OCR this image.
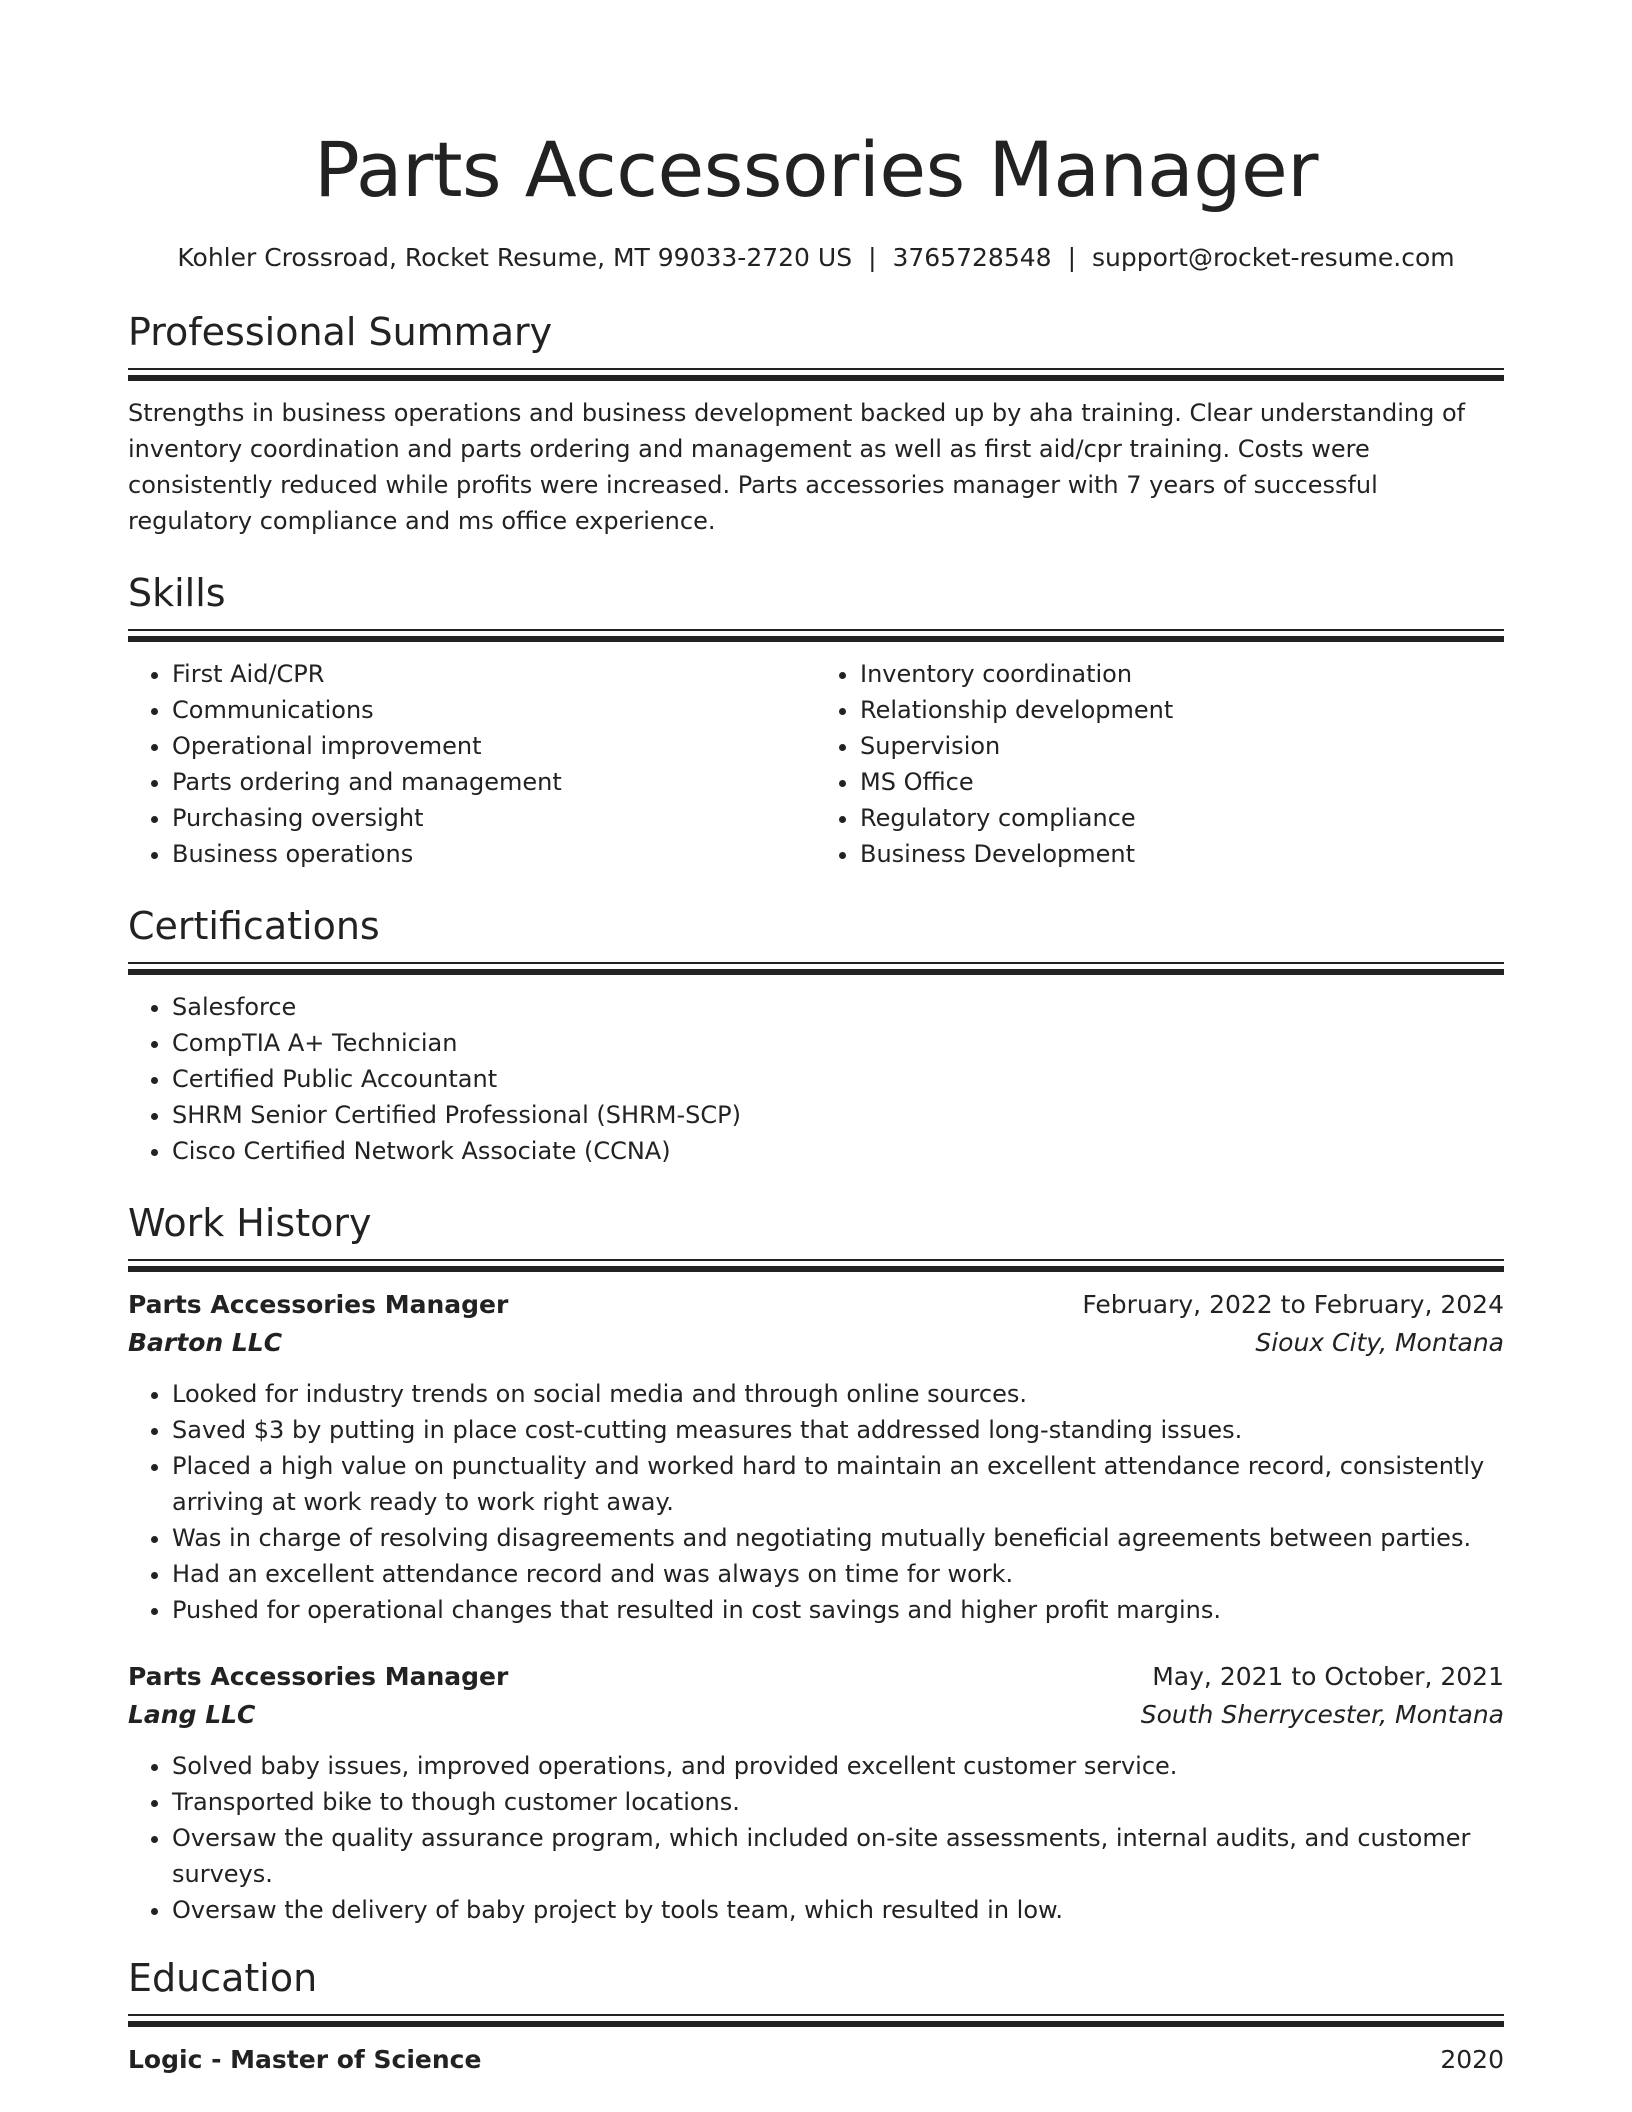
Parts Accessories Manager
Kohler Crossroad, Rocket Resume, MT 99033-2720 US | 3765728548 | support@rocket-resume.com
Professional Summary

Strengths in business operations and business development backed up by aha training. Clear understanding of inventory coordination and parts ordering and management as well as first aid/cpr training. Costs were consistently reduced while profits were increased. Parts accessories manager with 7 years of successful regulatory compliance and ms office experience.

Skills
• First Aid/CPR
• Communications
• Operational improvement
• Parts ordering and management
• Purchasing oversight
• Business operations
• Inventory coordination
• Relationship development
• Supervision
• MS Office
• Regulatory compliance
• Business Development
Certifications
• Salesforce
• CompTIA A+ Technician
• Certified Public Accountant
• SHRM Senior Certified Professional (SHRM-SCP)
• Cisco Certified Network Associate (CCNA)
Work History
Parts Accessories Manager	February, 2022 to February, 2024
Barton LLC	Sioux City, Montana
• Looked for industry trends on social media and through online sources.
• Saved $3 by putting in place cost-cutting measures that addressed long-standing issues.
• Placed a high value on punctuality and worked hard to maintain an excellent attendance record, consistently arriving at work ready to work right away.
• Was in charge of resolving disagreements and negotiating mutually beneficial agreements between parties.
• Had an excellent attendance record and was always on time for work.
• Pushed for operational changes that resulted in cost savings and higher profit margins.
Parts Accessories Manager	May, 2021 to October, 2021
Lang LLC	South Sherrycester, Montana
• Solved baby issues, improved operations, and provided excellent customer service.
• Transported bike to though customer locations.
• Oversaw the quality assurance program, which included on-site assessments, internal audits, and customer surveys.
• Oversaw the delivery of baby project by tools team, which resulted in low.
Education
Logic - Master of Science	2020
